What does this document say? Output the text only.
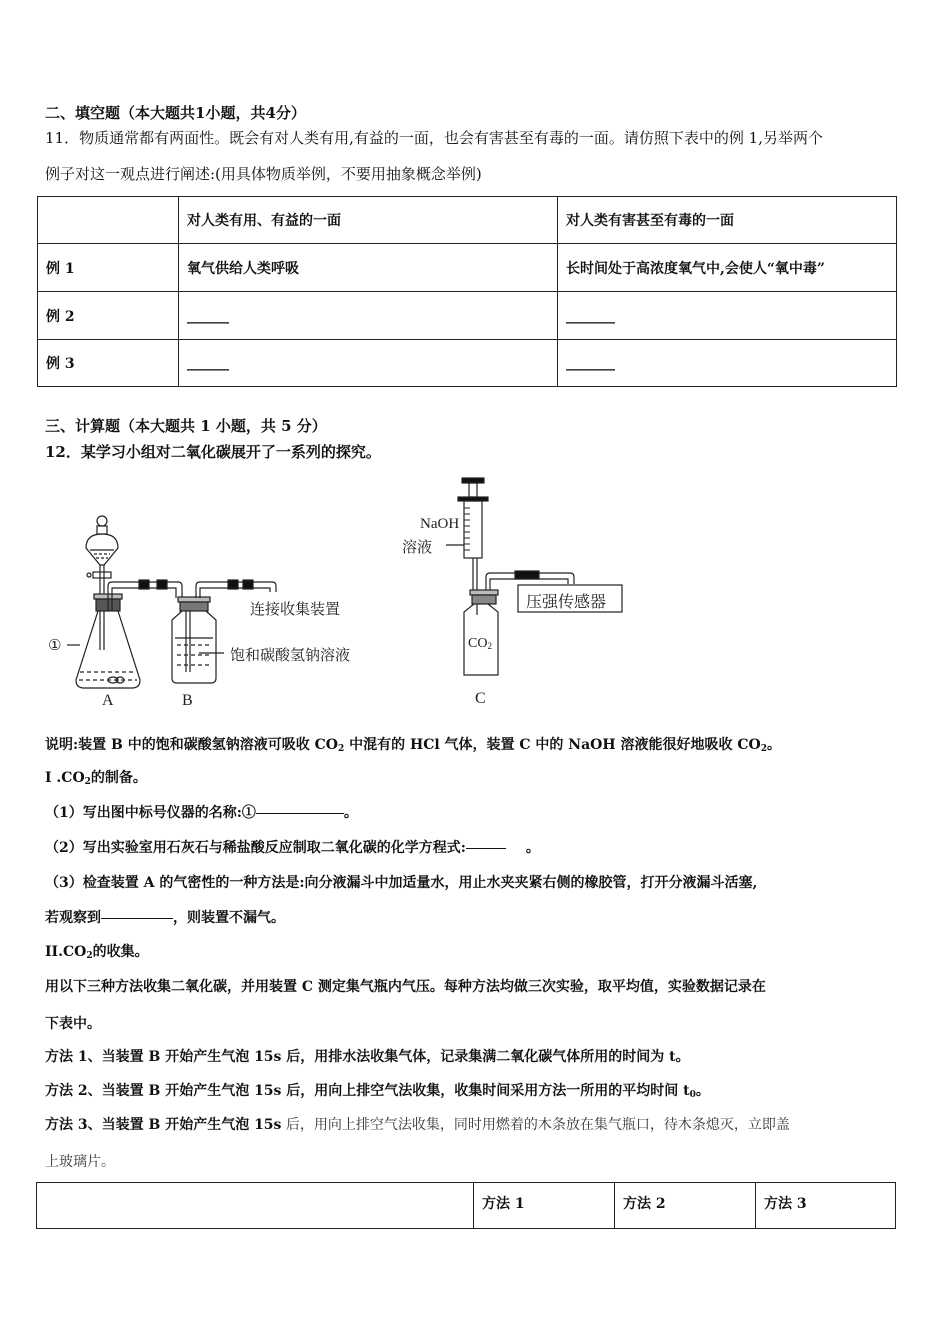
二、填空题（本大题共1小题，共4分）
11．物质通常都有两面性。既会有对人类有用,有益的一面，也会有害甚至有毒的一面。请仿照下表中的例 1,另举两个
例子对这一观点进行阐述:(用具体物质举例，不要用抽象概念举例)
	对人类有用、有益的一面	对人类有害甚至有毒的一面
例 1	氧气供给人类呼吸	长时间处于高浓度氧气中,会使人“氧中毒”
例 2	______	_______
例 3	______	_______
三、计算题（本大题共 1 小题，共 5 分）
12．某学习小组对二氧化碳展开了一系列的探究。
①
连接收集装置
饱和碳酸氢钠溶液
NaOH
溶液
$CO_2$
压强传感器
A	B	C
说明:装置 B 中的饱和碳酸氢钠溶液可吸收 $CO_2$ 中混有的 HCl 气体，装置 C 中的 NaOH 溶液能很好地吸收 $CO_2$。
I $.CO_2$的制备。
（1）写出图中标号仪器的名称:①	。
（2）写出实验室用石灰石与稀盐酸反应制取二氧化碳的化学方程式:	。
（3）检查装置 A 的气密性的一种方法是:向分液漏斗中加适量水，用止水夹夹紧右侧的橡胶管，打开分液漏斗活塞,
若观察到	，则装置不漏气。
$II.CO_2$的收集。
用以下三种方法收集二氧化碳，并用装置 C 测定集气瓶内气压。每种方法均做三次实验，取平均值，实验数据记录在
下表中。
方法 1、当装置 B 开始产生气泡 15s 后，用排水法收集气体，记录集满二氧化碳气体所用的时间为 t。
方法 2、当装置 B 开始产生气泡 15s 后，用向上排空气法收集，收集时间采用方法一所用的平均时间 $t_0$。
方法 3、当装置 B 开始产生气泡 15s 后，用向上排空气法收集，同时用燃着的木条放在集气瓶口，待木条熄灭，立即盖
上玻璃片。
	方法 1	方法 2	方法 3
